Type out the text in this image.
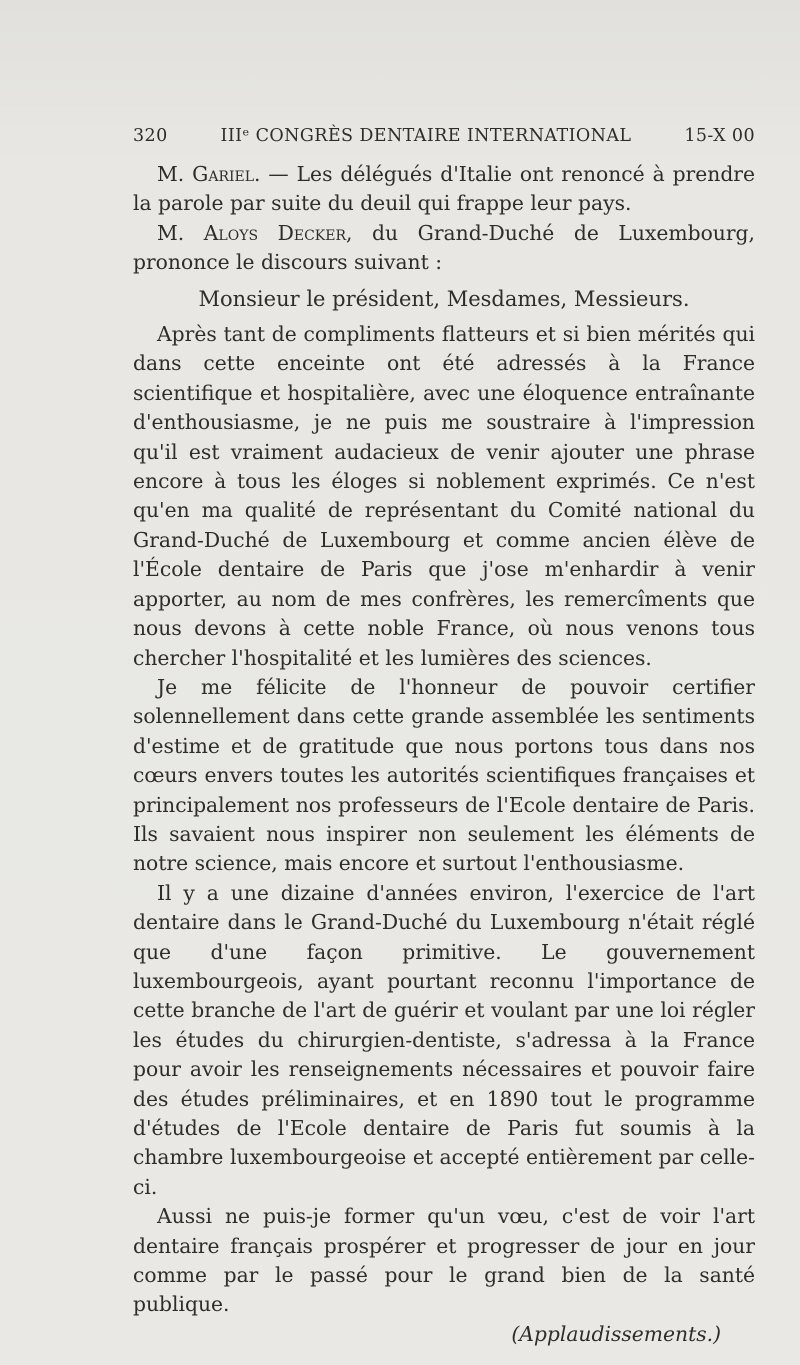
320	IIIᵉ CONGRÈS DENTAIRE INTERNATIONAL	15-X 00

M. Gariel. — Les délégués d'Italie ont renoncé à prendre la parole par suite du deuil qui frappe leur pays.

M. Aloys Decker, du Grand-Duché de Luxembourg, prononce le discours suivant :

Monsieur le président, Mesdames, Messieurs.

Après tant de compliments flatteurs et si bien mérités qui dans cette enceinte ont été adressés à la France scientifique et hospitalière, avec une éloquence entraînante d'enthousiasme, je ne puis me soustraire à l'impression qu'il est vraiment audacieux de venir ajouter une phrase encore à tous les éloges si noblement exprimés. Ce n'est qu'en ma qualité de représentant du Comité national du Grand-Duché de Luxembourg et comme ancien élève de l'École dentaire de Paris que j'ose m'enhardir à venir apporter, au nom de mes confrères, les remercîments que nous devons à cette noble France, où nous venons tous chercher l'hospitalité et les lumières des sciences.

Je me félicite de l'honneur de pouvoir certifier solennellement dans cette grande assemblée les sentiments d'estime et de gratitude que nous portons tous dans nos cœurs envers toutes les autorités scientifiques françaises et principalement nos professeurs de l'Ecole dentaire de Paris. Ils savaient nous inspirer non seulement les éléments de notre science, mais encore et surtout l'enthousiasme.

Il y a une dizaine d'années environ, l'exercice de l'art dentaire dans le Grand-Duché du Luxembourg n'était réglé que d'une façon primitive. Le gouvernement luxembourgeois, ayant pourtant reconnu l'importance de cette branche de l'art de guérir et voulant par une loi régler les études du chirurgien-dentiste, s'adressa à la France pour avoir les renseignements nécessaires et pouvoir faire des études préliminaires, et en 1890 tout le programme d'études de l'Ecole dentaire de Paris fut soumis à la chambre luxembourgeoise et accepté entièrement par celle-ci.

Aussi ne puis-je former qu'un vœu, c'est de voir l'art dentaire français prospérer et progresser de jour en jour comme par le passé pour le grand bien de la santé publique.

(Applaudissements.)
